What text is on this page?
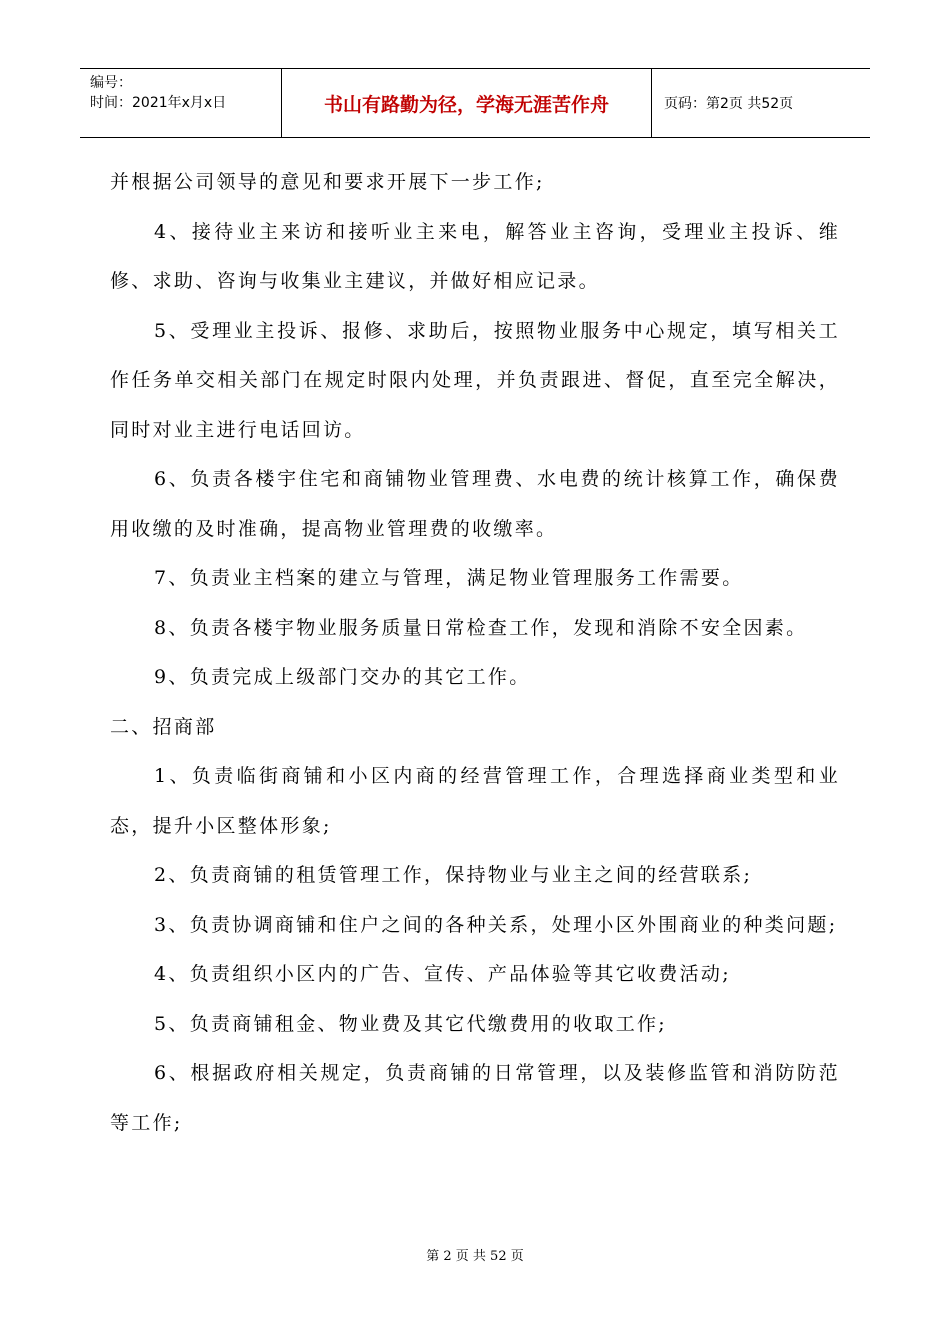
编号：
时间：2021年x月x日	书山有路勤为径，学海无涯苦作舟	页码：第2页 共52页

并根据公司领导的意见和要求开展下一步工作;

4、接待业主来访和接听业主来电，解答业主咨询，受理业主投诉、维修、求助、咨询与收集业主建议，并做好相应记录。

5、受理业主投诉、报修、求助后，按照物业服务中心规定，填写相关工作任务单交相关部门在规定时限内处理，并负责跟进、督促，直至完全解决，同时对业主进行电话回访。

6、负责各楼宇住宅和商铺物业管理费、水电费的统计核算工作，确保费用收缴的及时准确，提高物业管理费的收缴率。

7、负责业主档案的建立与管理，满足物业管理服务工作需要。

8、负责各楼宇物业服务质量日常检查工作，发现和消除不安全因素。

9、负责完成上级部门交办的其它工作。

二、招商部

1、负责临街商铺和小区内商的经营管理工作，合理选择商业类型和业态，提升小区整体形象;

2、负责商铺的租赁管理工作，保持物业与业主之间的经营联系;

3、负责协调商铺和住户之间的各种关系，处理小区外围商业的种类问题;

4、负责组织小区内的广告、宣传、产品体验等其它收费活动;

5、负责商铺租金、物业费及其它代缴费用的收取工作;

6、根据政府相关规定，负责商铺的日常管理，以及装修监管和消防防范等工作;

第 2 页 共 52 页
